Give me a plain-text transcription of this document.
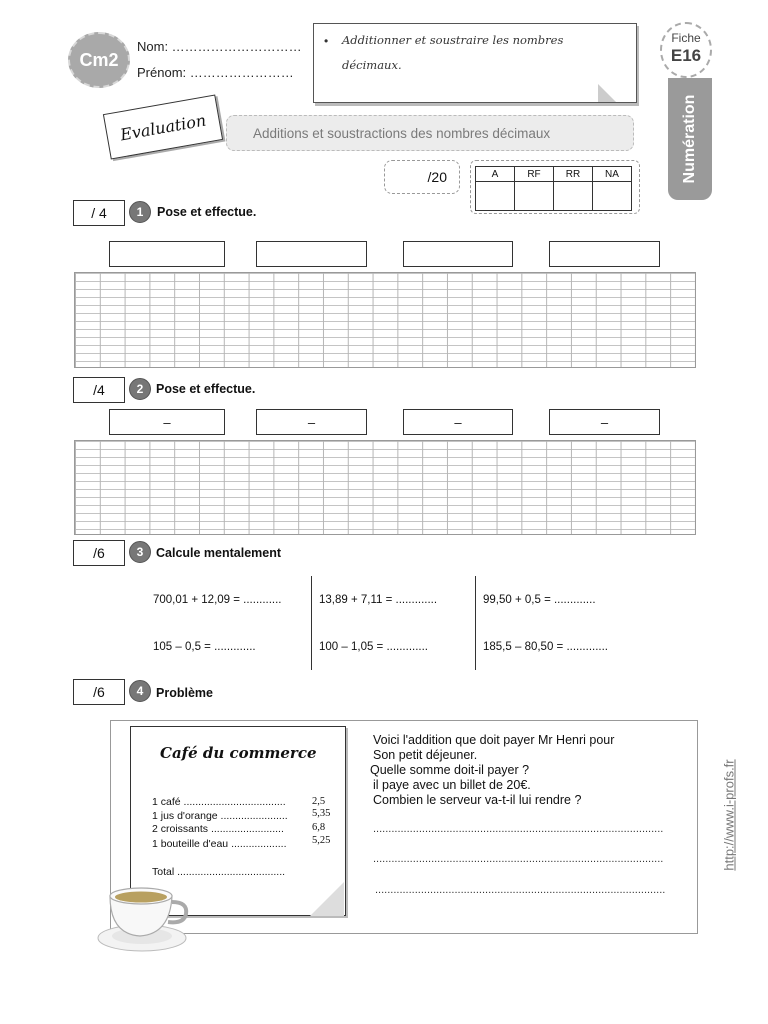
Cm2
Nom: …………………………
Prénom: ……………………
• Additionner et soustraire les nombres
décimaux.
Fiche
E16
Numération
Evaluation	Additions et soustractions des nombres décimaux
/20	A	RF	RR	NA

/ 4	1	Pose et effectue.
/4	2	Pose et effectue.
–	–	–	–
/6	3	Calcule mentalement
700,01 + 12,09 = ............	13,89 + 7,11 = .............	99,50 + 0,5 = .............
105 – 0,5 = .............	100 – 1,05 = .............	185,5 – 80,50 = .............
/6	4	Problème
Café du commerce
1 café ...................................	2,5
1 jus d'orange ....................... 5,35
2 croissants .........................	6,8
1 bouteille d'eau ................... 5,25
Total .....................................
Voici l'addition que doit payer Mr Henri pour
Son petit déjeuner.
Quelle somme doit-il payer ?
il paye avec un billet de 20€.
Combien le serveur va-t-il lui rendre ?
...............................................................................................
...............................................................................................
...............................................................................................
http://www.i-profs.fr
